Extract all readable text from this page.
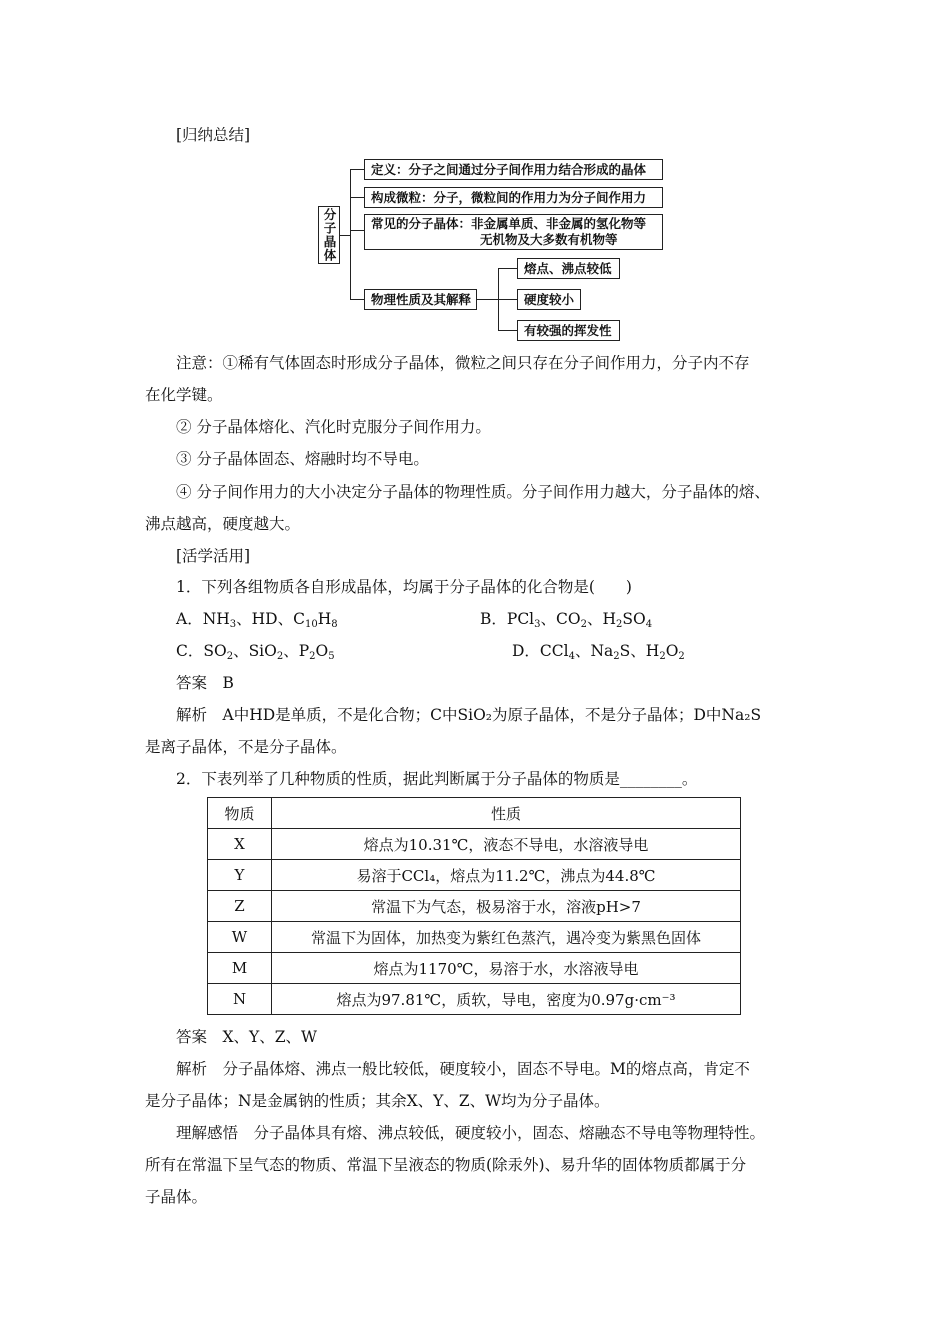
[归纳总结]
分子晶体
定义：分子之间通过分子间作用力结合形成的晶体
构成微粒：分子，微粒间的作用力为分子间作用力
常见的分子晶体：非金属单质、非金属的氢化物等
无机物及大多数有机物等
物理性质及其解释
熔点、沸点较低
硬度较小
有较强的挥发性
注意：①稀有气体固态时形成分子晶体，微粒之间只存在分子间作用力，分子内不存
在化学键。
② 分子晶体熔化、汽化时克服分子间作用力。
③ 分子晶体固态、熔融时均不导电。
④ 分子间作用力的大小决定分子晶体的物理性质。分子间作用力越大，分子晶体的熔、
沸点越高，硬度越大。
[活学活用]
1．下列各组物质各自形成晶体，均属于分子晶体的化合物是(　　)
A．$NH_3$、HD、$C_{10}H_8$	B．PCl$_3$、$CO_2$、$H_2SO_4$
C．$SO_2$、SiO$_2$、$P_2O_5$	D．CCl$_4$、$Na_2S$、$H_2O_2$
答案　B
解析　A中HD是单质，不是化合物；C中SiO₂为原子晶体，不是分子晶体；D中Na₂S
是离子晶体，不是分子晶体。
2．下表列举了几种物质的性质，据此判断属于分子晶体的物质是________。
物质	性质
X	熔点为10.31℃，液态不导电，水溶液导电
Y	易溶于CCl₄，熔点为11.2℃，沸点为44.8℃
Z	常温下为气态，极易溶于水，溶液pH>7
W	常温下为固体，加热变为紫红色蒸汽，遇冷变为紫黑色固体
M	熔点为1170℃，易溶于水，水溶液导电
N	熔点为97.81℃，质软，导电，密度为0.97g·cm⁻³
答案　X、Y、Z、W
解析　分子晶体熔、沸点一般比较低，硬度较小，固态不导电。M的熔点高，肯定不
是分子晶体；N是金属钠的性质；其余X、Y、Z、W均为分子晶体。
理解感悟　分子晶体具有熔、沸点较低，硬度较小，固态、熔融态不导电等物理特性。
所有在常温下呈气态的物质、常温下呈液态的物质(除汞外)、易升华的固体物质都属于分
子晶体。
